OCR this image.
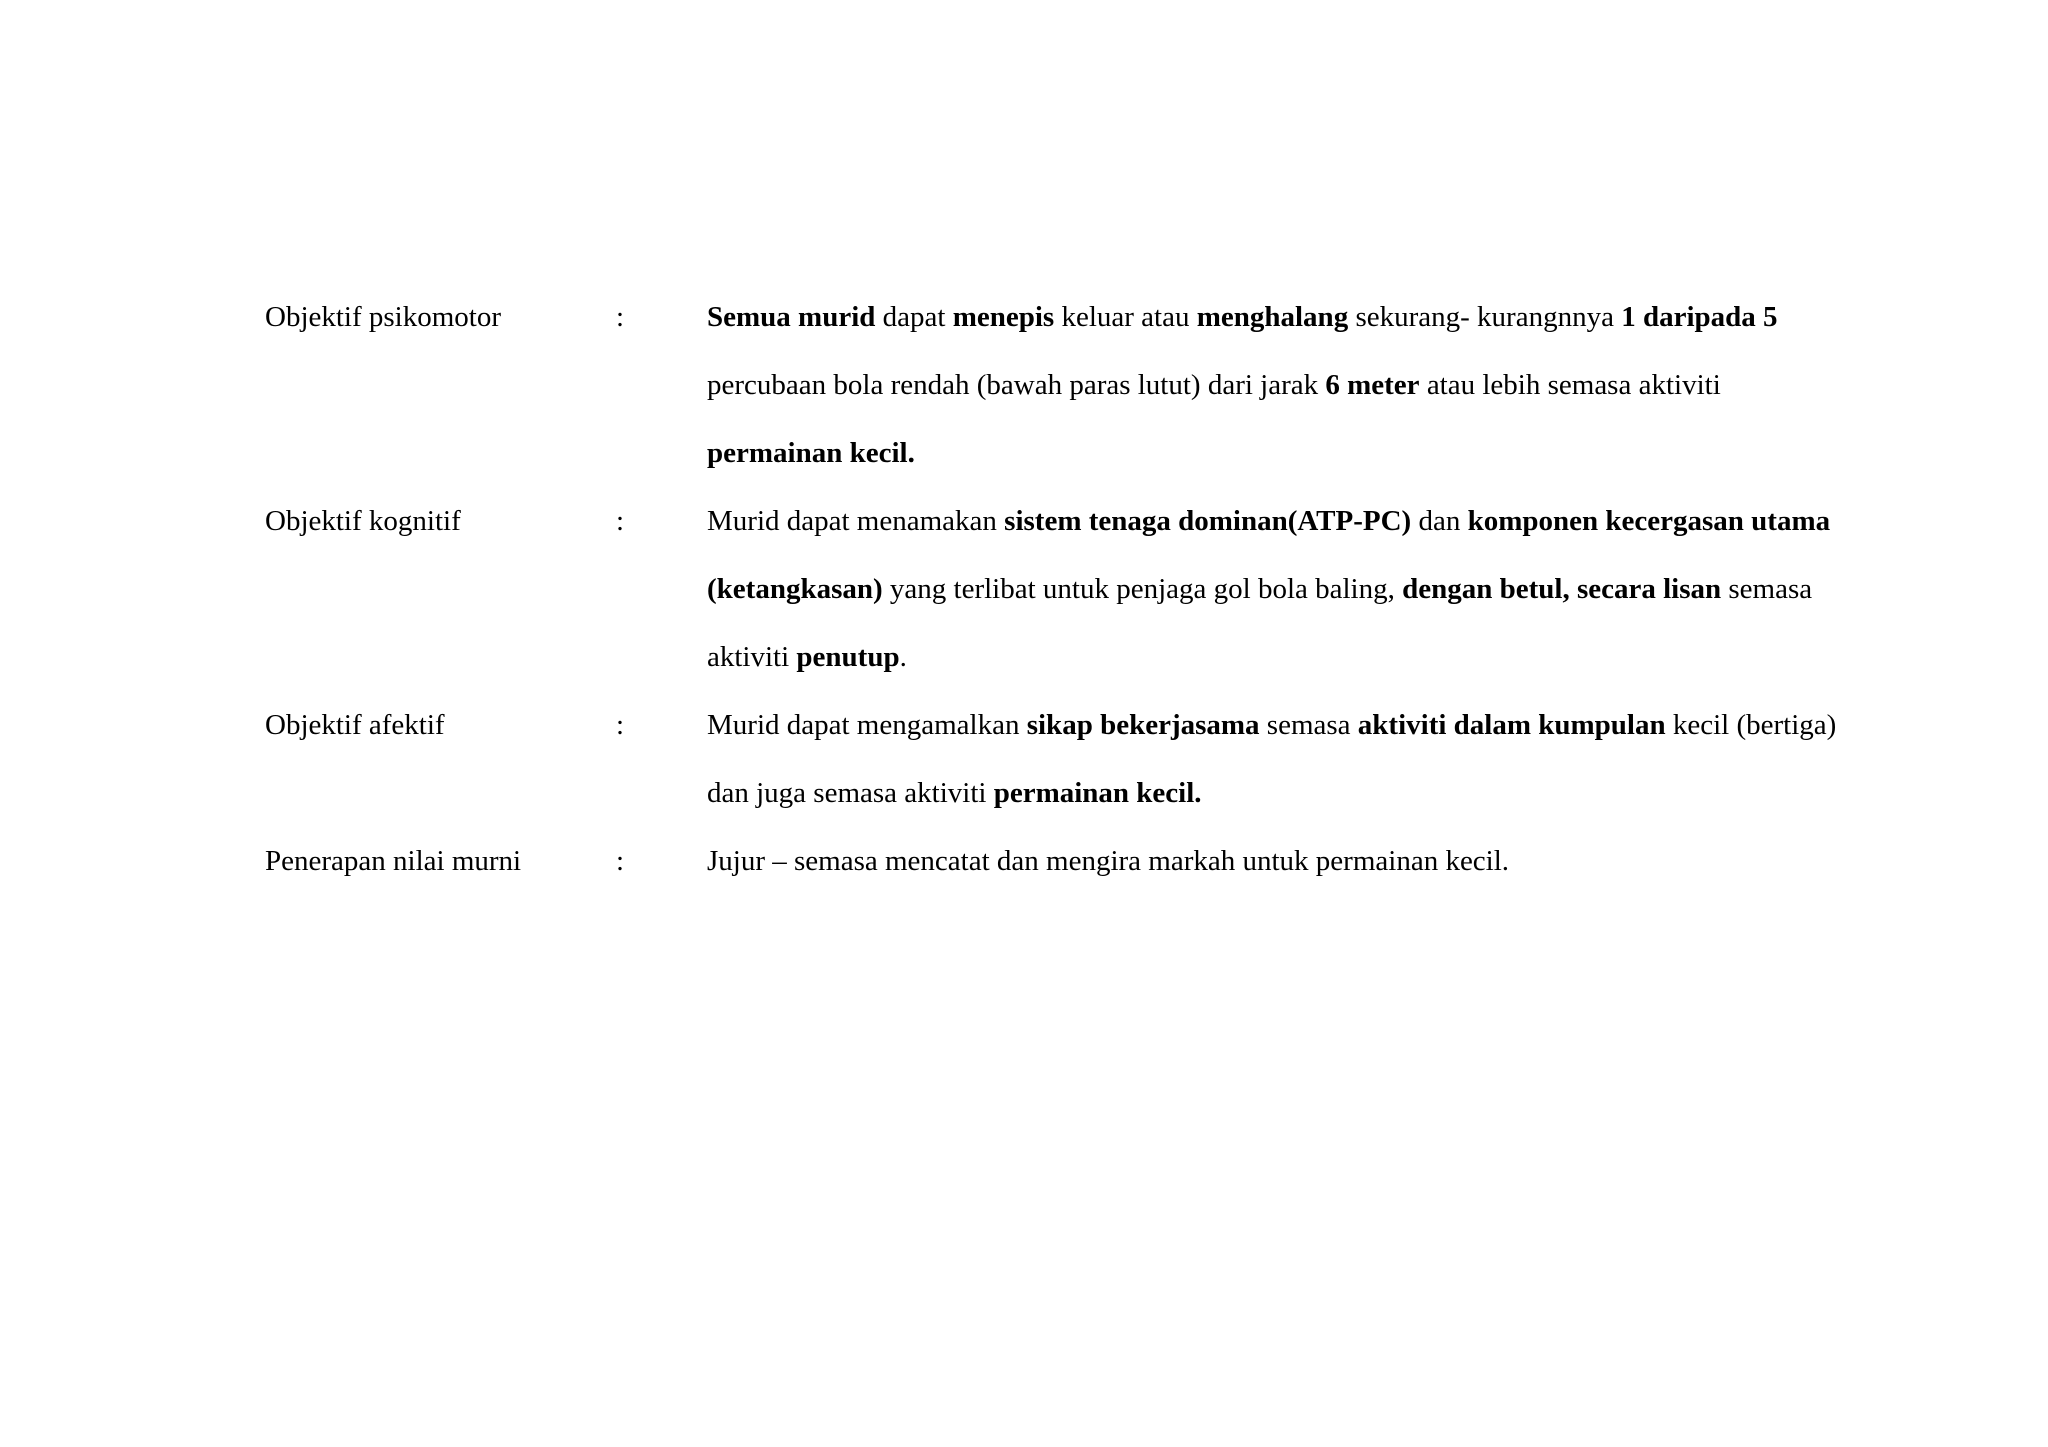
Objektif psikomotor	:	Semua murid dapat menepis keluar atau menghalang sekurang- kurangnnya 1 daripada 5
percubaan bola rendah (bawah paras lutut) dari jarak 6 meter atau lebih semasa aktiviti
permainan kecil.
Objektif kognitif	:	Murid dapat menamakan sistem tenaga dominan(ATP-PC) dan komponen kecergasan utama
(ketangkasan) yang terlibat untuk penjaga gol bola baling, dengan betul, secara lisan semasa
aktiviti penutup.
Objektif afektif	:	Murid dapat mengamalkan sikap bekerjasama semasa aktiviti dalam kumpulan kecil (bertiga)
dan juga semasa aktiviti permainan kecil.
Penerapan nilai murni	:	Jujur – semasa mencatat dan mengira markah untuk permainan kecil.
